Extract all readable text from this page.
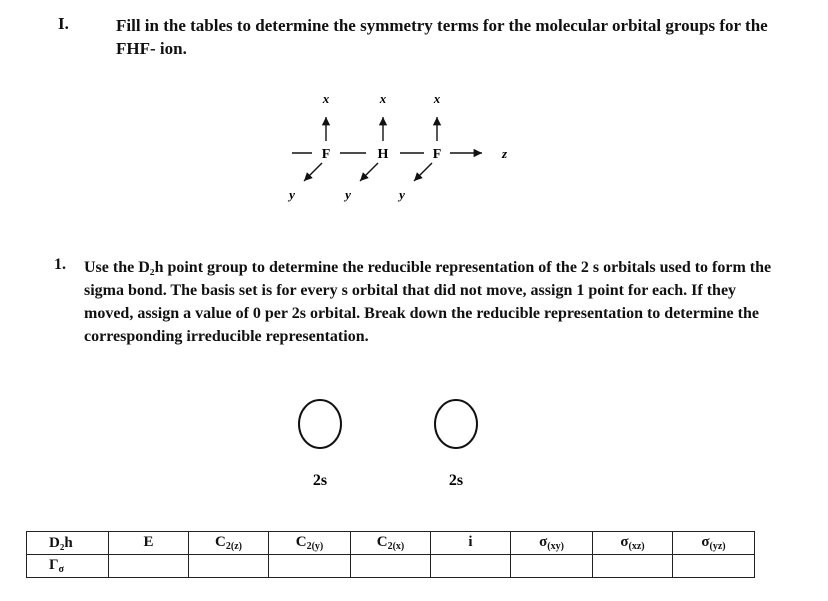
I.	Fill in the tables to determine the symmetry terms for the molecular orbital groups for the FHF- ion.
F	H	F	z
x	x	x
y	y	y
1. Use the D₂h point group to determine the reducible representation of the 2 s orbitals used to form the sigma bond. The basis set is for every s orbital that did not move, assign 1 point for each. If they moved, assign a value of 0 per 2s orbital. Break down the reducible representation to determine the corresponding irreducible representation.
2s	2s
D₂h	E	$C_{2(z)}$	$C_{2(y)}$	$C_{2(x)}$	i	$\sigma_{(xy)}$	$\sigma_{(xz)}$	$\sigma_{(yz)}$
$\Gamma_\sigma$								
